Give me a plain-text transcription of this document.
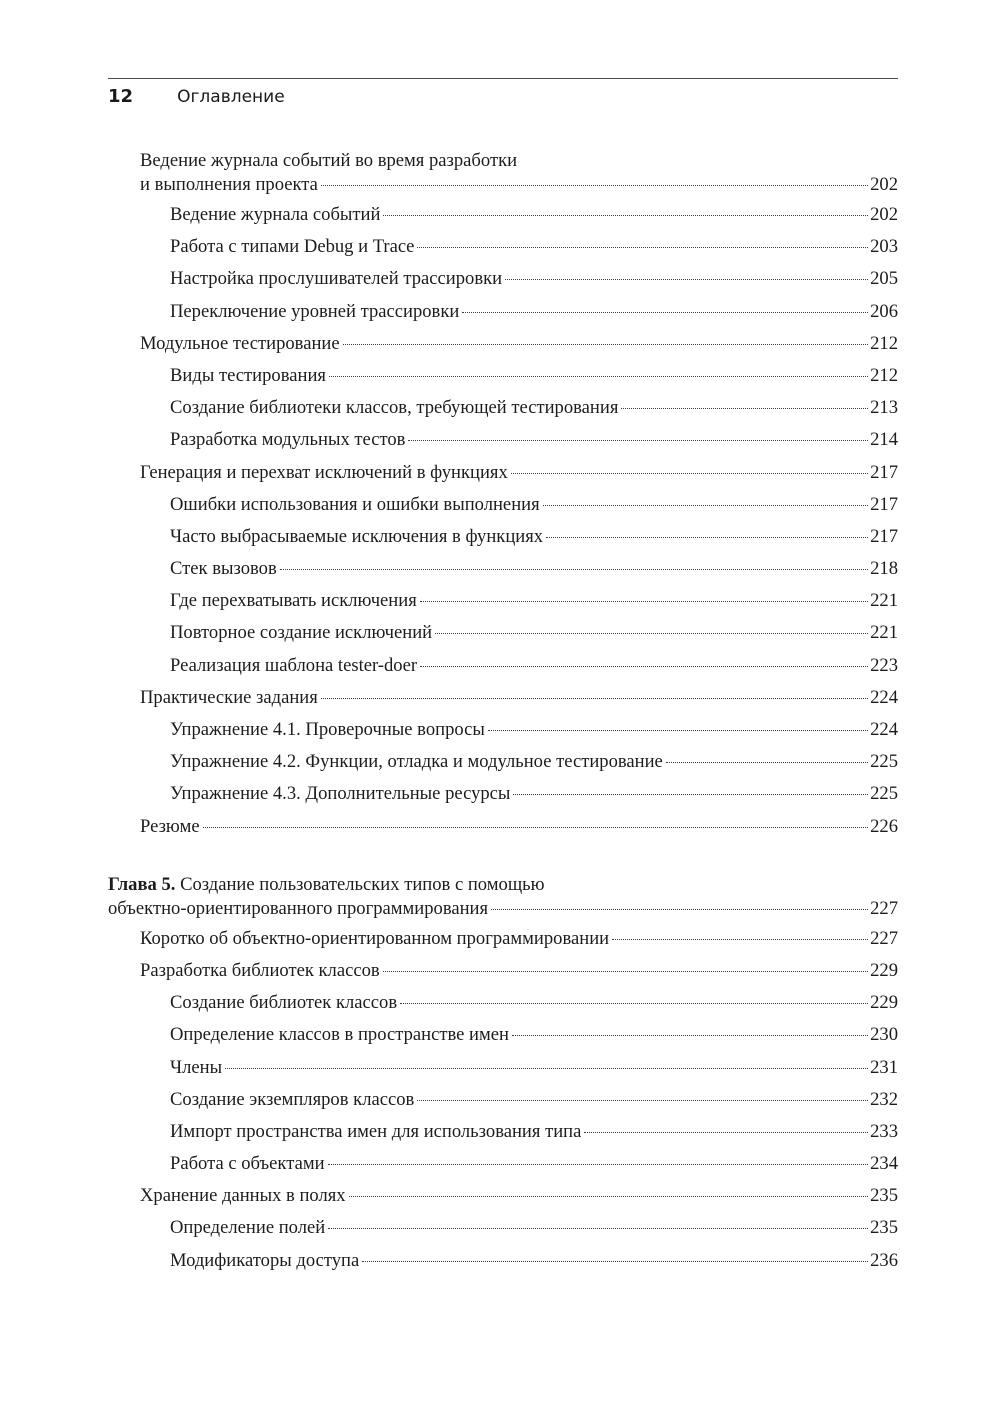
12	Оглавление
Ведение журнала событий во время разработки
и выполнения проекта	202
Ведение журнала событий	202
Работа с типами Debug и Trace	203
Настройка прослушивателей трассировки	205
Переключение уровней трассировки	206
Модульное тестирование	212
Виды тестирования	212
Создание библиотеки классов, требующей тестирования	213
Разработка модульных тестов	214
Генерация и перехват исключений в функциях	217
Ошибки использования и ошибки выполнения	217
Часто выбрасываемые исключения в функциях	217
Стек вызовов	218
Где перехватывать исключения	221
Повторное создание исключений	221
Реализация шаблона tester-doer	223
Практические задания	224
Упражнение 4.1. Проверочные вопросы	224
Упражнение 4.2. Функции, отладка и модульное тестирование	225
Упражнение 4.3. Дополнительные ресурсы	225
Резюме	226
Глава 5. Создание пользовательских типов с помощью
объектно-ориентированного программирования	227
Коротко об объектно-ориентированном программировании	227
Разработка библиотек классов	229
Создание библиотек классов	229
Определение классов в пространстве имен	230
Члены	231
Создание экземпляров классов	232
Импорт пространства имен для использования типа	233
Работа с объектами	234
Хранение данных в полях	235
Определение полей	235
Модификаторы доступа	236
